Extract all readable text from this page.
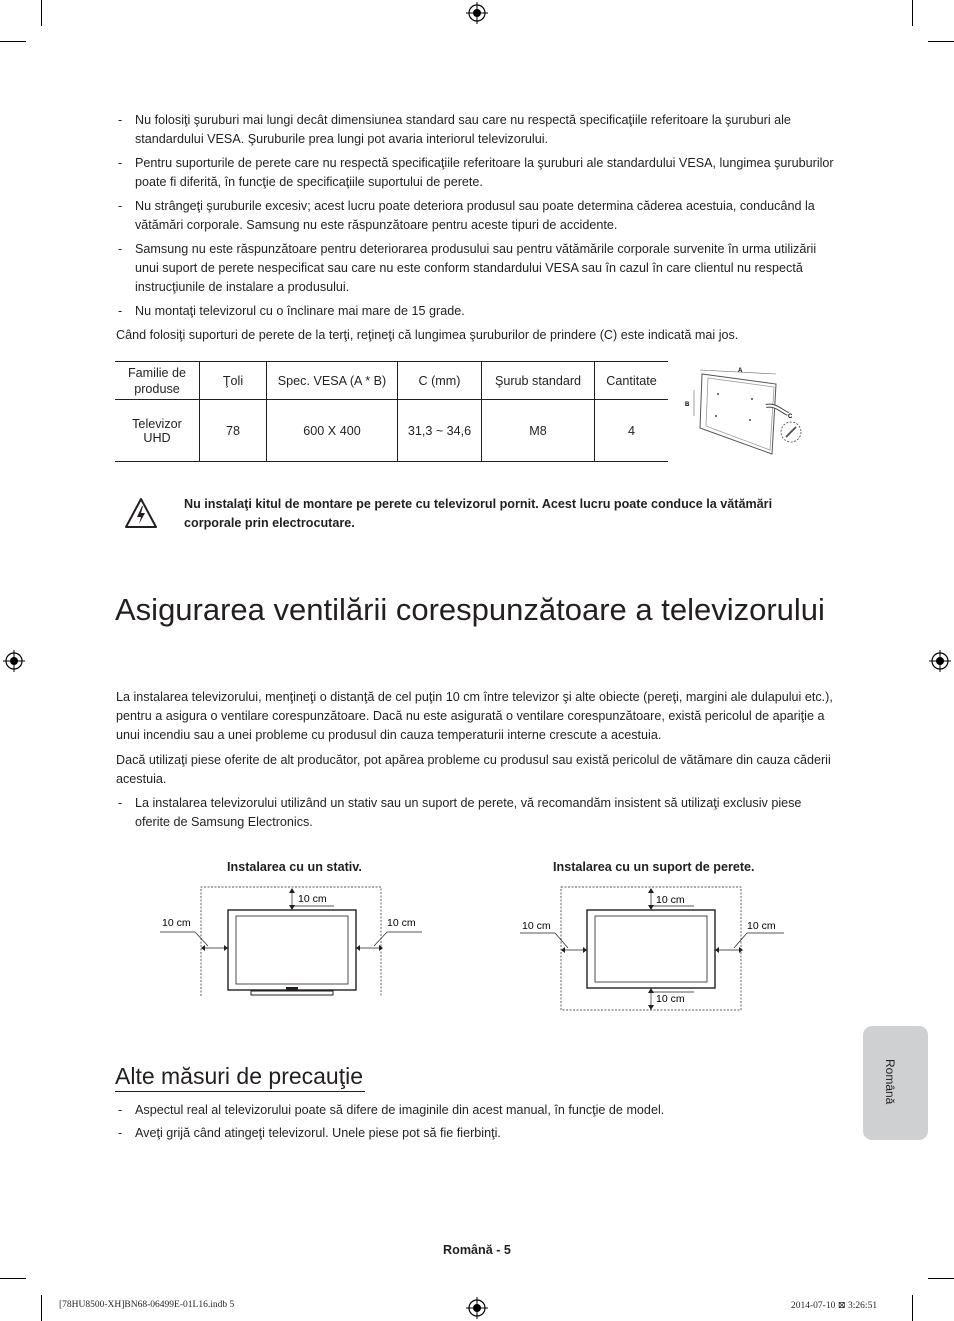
-	Nu folosiţi şuruburi mai lungi decât dimensiunea standard sau care nu respectă specificaţiile referitoare la şuruburi ale standardului VESA. Şuruburile prea lungi pot avaria interiorul televizorului.
-	Pentru suporturile de perete care nu respectă specificaţiile referitoare la şuruburi ale standardului VESA, lungimea şuruburilor poate fi diferită, în funcţie de specificaţiile suportului de perete.
-	Nu strângeţi şuruburile excesiv; acest lucru poate deteriora produsul sau poate determina căderea acestuia, conducând la vătămări corporale. Samsung nu este răspunzătoare pentru aceste tipuri de accidente.
-	Samsung nu este răspunzătoare pentru deteriorarea produsului sau pentru vătămările corporale survenite în urma utilizării unui suport de perete nespecificat sau care nu este conform standardului VESA sau în cazul în care clientul nu respectă instrucţiunile de instalare a produsului.
-	Nu montaţi televizorul cu o înclinare mai mare de 15 grade.
Când folosiţi suporturi de perete de la terţi, reţineţi că lungimea şuruburilor de prindere (C) este indicată mai jos.
Familie de produse	Ţoli	Spec. VESA (A * B)	C (mm)	Şurub standard	Cantitate
Televizor UHD	78	600 X 400	31,3 ~ 34,6	M8	4
A
B
C
Nu instalaţi kitul de montare pe perete cu televizorul pornit. Acest lucru poate conduce la vătămări corporale prin electrocutare.
Asigurarea ventilării corespunzătoare a televizorului
La instalarea televizorului, menţineţi o distanţă de cel puţin 10 cm între televizor şi alte obiecte (pereţi, margini ale dulapului etc.), pentru a asigura o ventilare corespunzătoare. Dacă nu este asigurată o ventilare corespunzătoare, există pericolul de apariţie a unui incendiu sau a unei probleme cu produsul din cauza temperaturii interne crescute a acestuia.
Dacă utilizaţi piese oferite de alt producător, pot apărea probleme cu produsul sau există pericolul de vătămare din cauza căderii acestuia.
-	La instalarea televizorului utilizând un stativ sau un suport de perete, vă recomandăm insistent să utilizaţi exclusiv piese oferite de Samsung Electronics.
Instalarea cu un stativ.	Instalarea cu un suport de perete.
10 cm
10 cm	10 cm
10 cm
10 cm
10 cm	10 cm
Alte măsuri de precauţie
-	Aspectul real al televizorului poate să difere de imaginile din acest manual, în funcţie de model.
-	Aveţi grijă când atingeţi televizorul. Unele piese pot să fie fierbinţi.
Română
Română - 5
[78HU8500-XH]BN68-06499E-01L16.indb 5	2014-07-10 ⊠ 3:26:51
